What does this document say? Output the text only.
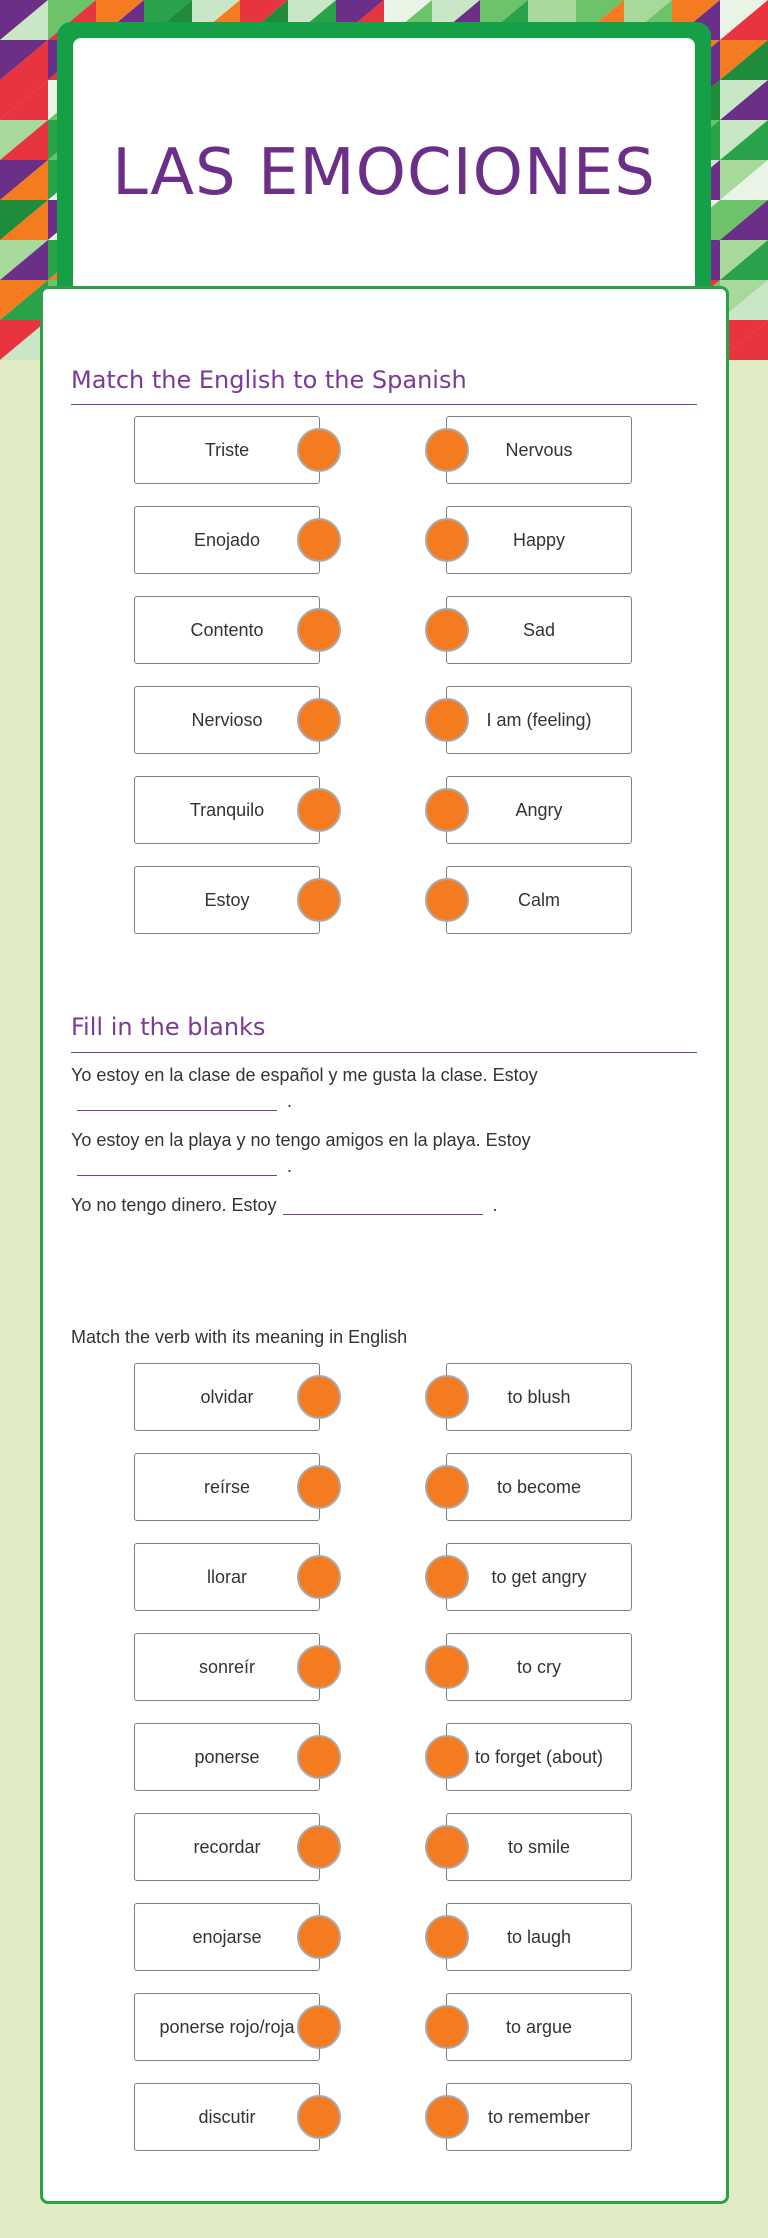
LAS EMOCIONES
Match the English to the Spanish
Triste	Nervous
Enojado	Happy
Contento	Sad
Nervioso	I am (feeling)
Tranquilo	Angry
Estoy	Calm
Fill in the blanks
Yo estoy en la clase de español y me gusta la clase. Estoy
.
Yo estoy en la playa y no tengo amigos en la playa. Estoy
.
Yo no tengo dinero. Estoy	.
Match the verb with its meaning in English
olvidar	to blush
reírse	to become
llorar	to get angry
sonreír	to cry
ponerse	to forget (about)
recordar	to smile
enojarse	to laugh
ponerse rojo/roja	to argue
discutir	to remember
